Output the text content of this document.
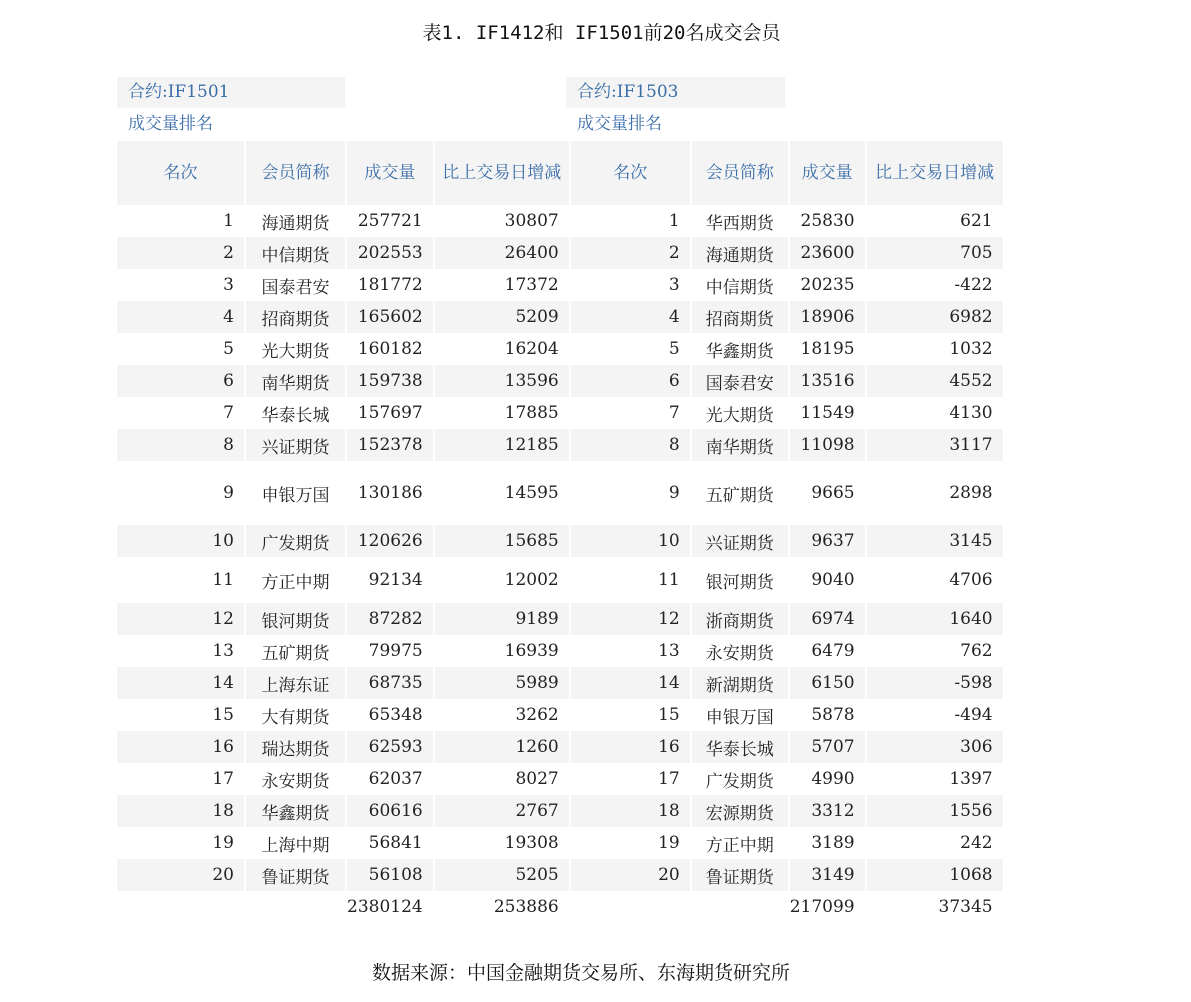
表1. IF1412和 IF1501前20名成交会员
合约:IF1501
成交量排名
合约:IF1503
成交量排名
名次	会员简称	成交量	比上交易日增减	名次	会员简称	成交量	比上交易日增减
1	海通期货	257721	30807	1	华西期货	25830	621
2	中信期货	202553	26400	2	海通期货	23600	705
3	国泰君安	181772	17372	3	中信期货	20235	-422
4	招商期货	165602	5209	4	招商期货	18906	6982
5	光大期货	160182	16204	5	华鑫期货	18195	1032
6	南华期货	159738	13596	6	国泰君安	13516	4552
7	华泰长城	157697	17885	7	光大期货	11549	4130
8	兴证期货	152378	12185	8	南华期货	11098	3117
9	申银万国	130186	14595	9	五矿期货	9665	2898
10	广发期货	120626	15685	10	兴证期货	9637	3145
11	方正中期	92134	12002	11	银河期货	9040	4706
12	银河期货	87282	9189	12	浙商期货	6974	1640
13	五矿期货	79975	16939	13	永安期货	6479	762
14	上海东证	68735	5989	14	新湖期货	6150	-598
15	大有期货	65348	3262	15	申银万国	5878	-494
16	瑞达期货	62593	1260	16	华泰长城	5707	306
17	永安期货	62037	8027	17	广发期货	4990	1397
18	华鑫期货	60616	2767	18	宏源期货	3312	1556
19	上海中期	56841	19308	19	方正中期	3189	242
20	鲁证期货	56108	5205	20	鲁证期货	3149	1068
		2380124	253886			217099	37345
数据来源：中国金融期货交易所、东海期货研究所
